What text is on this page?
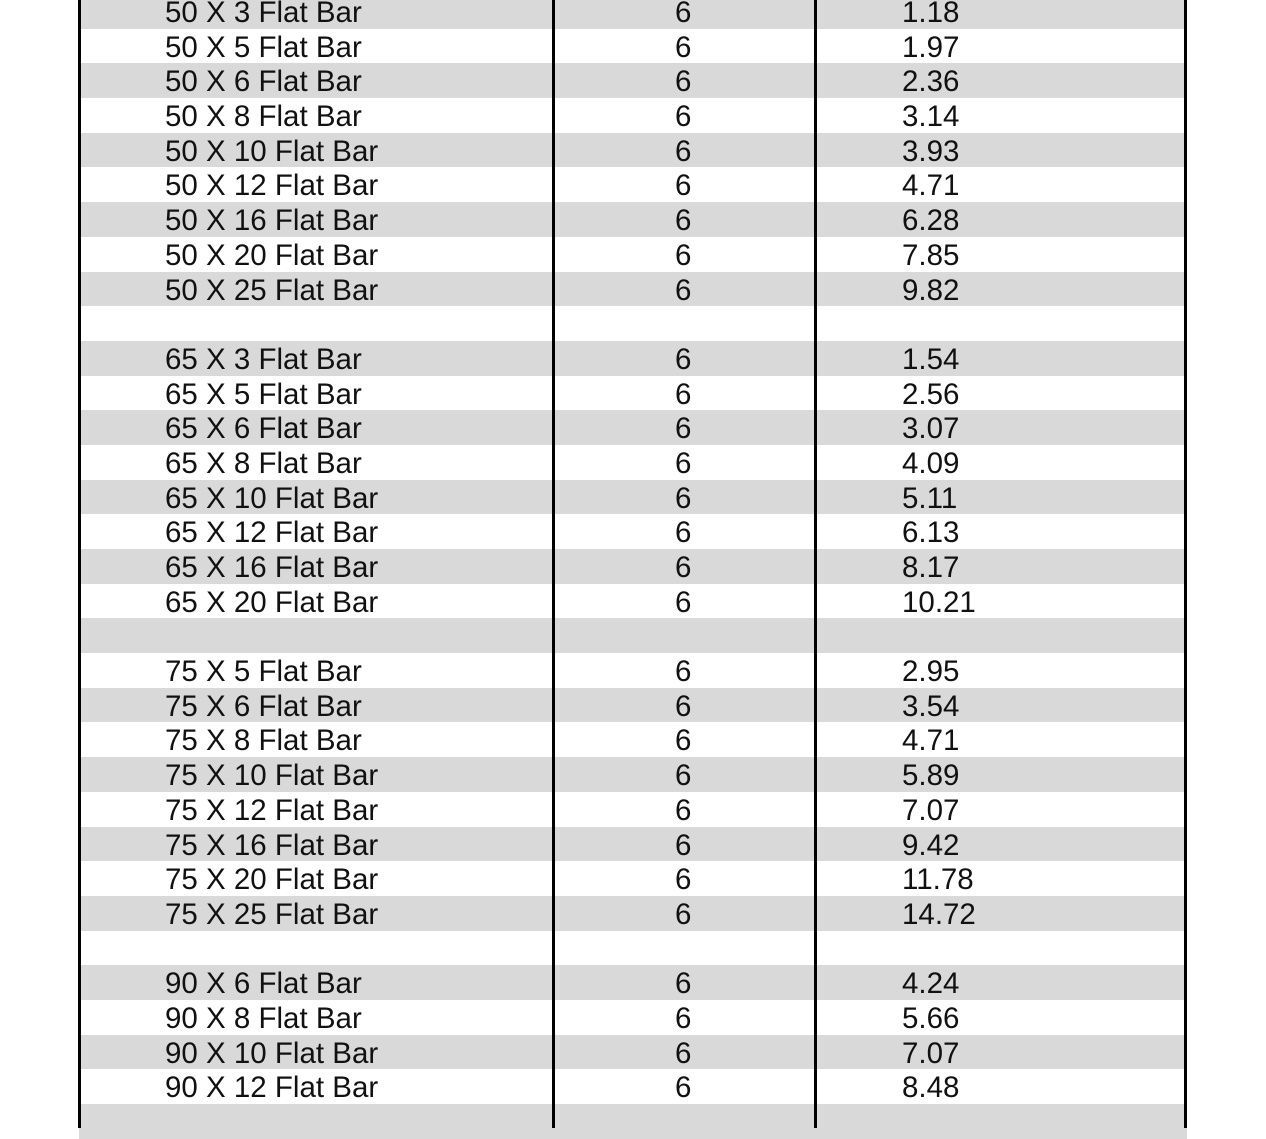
50 X 3 Flat Bar	6	1.18
50 X 5 Flat Bar	6	1.97
50 X 6 Flat Bar	6	2.36
50 X 8 Flat Bar	6	3.14
50 X 10 Flat Bar	6	3.93
50 X 12 Flat Bar	6	4.71
50 X 16 Flat Bar	6	6.28
50 X 20 Flat Bar	6	7.85
50 X 25 Flat Bar	6	9.82
65 X 3 Flat Bar	6	1.54
65 X 5 Flat Bar	6	2.56
65 X 6 Flat Bar	6	3.07
65 X 8 Flat Bar	6	4.09
65 X 10 Flat Bar	6	5.11
65 X 12 Flat Bar	6	6.13
65 X 16 Flat Bar	6	8.17
65 X 20 Flat Bar	6	10.21
75 X 5 Flat Bar	6	2.95
75 X 6 Flat Bar	6	3.54
75 X 8 Flat Bar	6	4.71
75 X 10 Flat Bar	6	5.89
75 X 12 Flat Bar	6	7.07
75 X 16 Flat Bar	6	9.42
75 X 20 Flat Bar	6	11.78
75 X 25 Flat Bar	6	14.72
90 X 6 Flat Bar	6	4.24
90 X 8 Flat Bar	6	5.66
90 X 10 Flat Bar	6	7.07
90 X 12 Flat Bar	6	8.48
